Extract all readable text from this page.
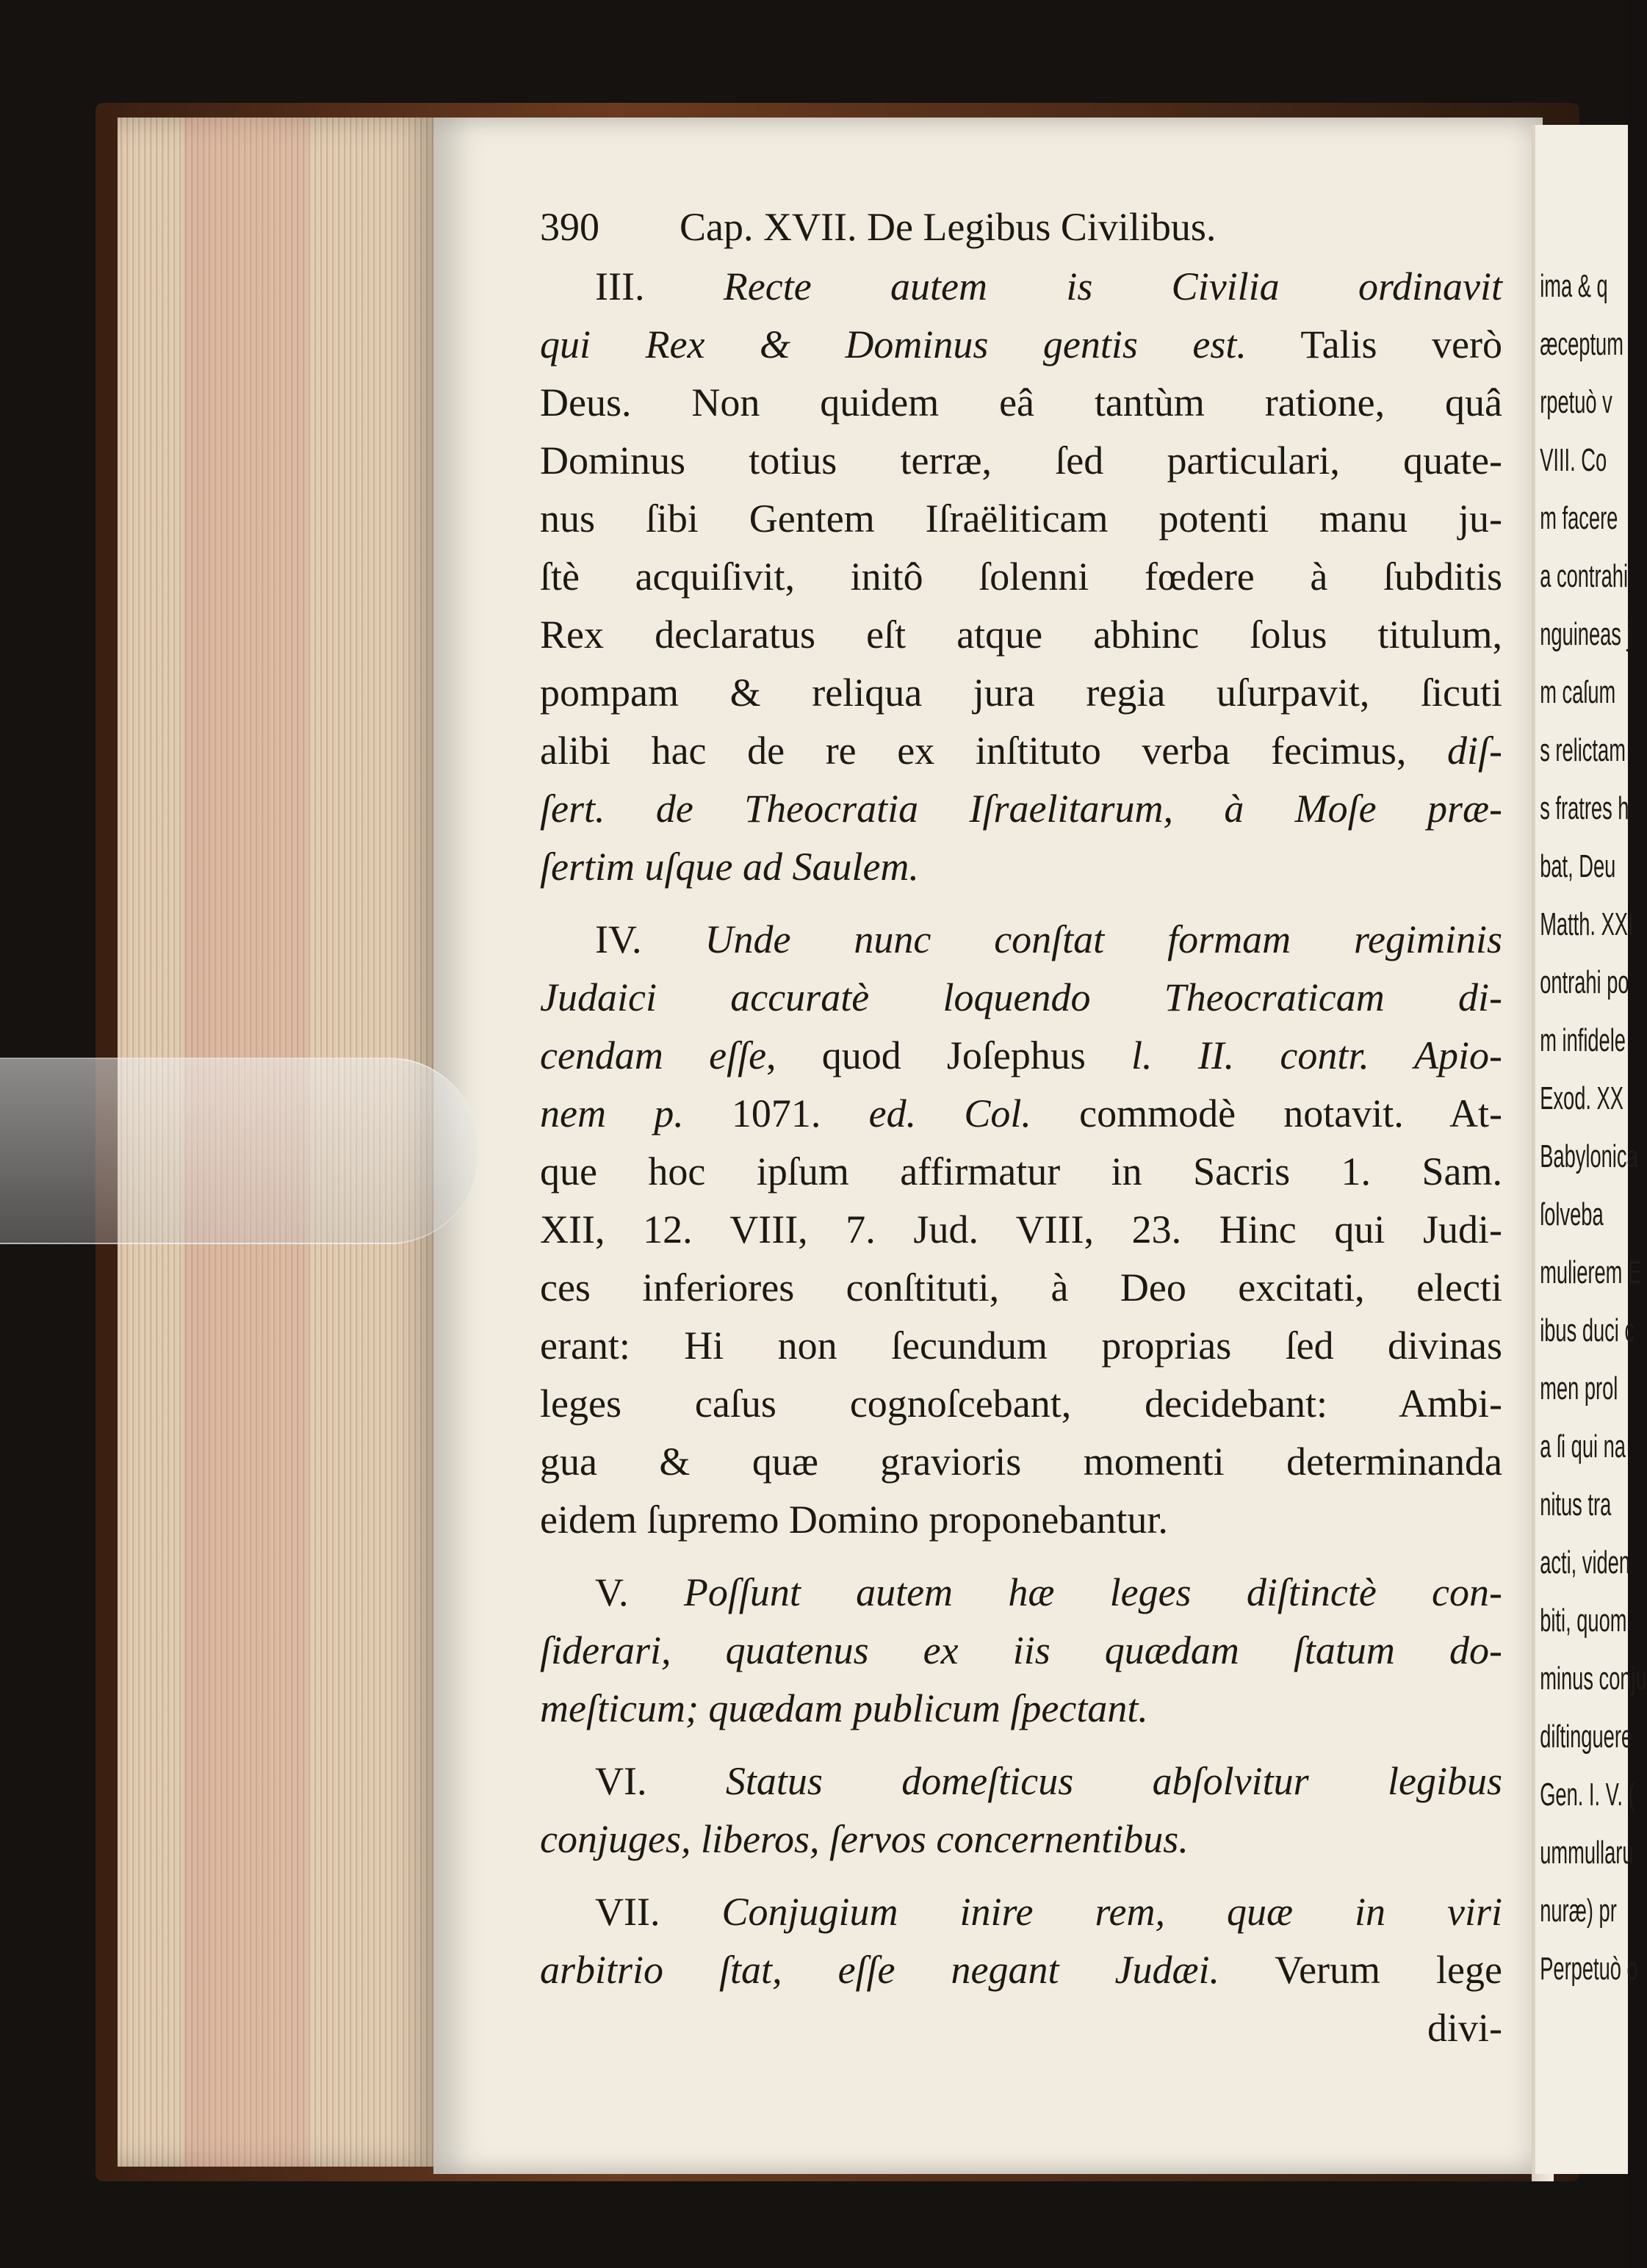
ima & q
æceptum
rpetuò v
VIII. Co
m facere
a contrahi
nguineas j
m caſum
s relictam
s fratres h
bat, Deu
Matth. XXI
ontrahi po
m infidele
Exod. XX
Babylonica
ſolveba
mulierem E
ibus duci c
men prol
a ſi qui na
nitus tra
acti, viden
biti, quom
minus conju
diſtinguere
Gen. I. V. (
ummullaru
nuræ) pr
Perpetuò o
390	Cap. XVII. De Legibus Civilibus.
III. Recte autem is Civilia ordinavit
qui Rex & Dominus gentis est. Talis verò
Deus. Non quidem eâ tantùm ratione, quâ
Dominus totius terræ, ſed particulari, quate-
nus ſibi Gentem Iſraëliticam potenti manu ju-
ſtè acquiſivit, initô ſolenni fœdere à ſubditis
Rex declaratus eſt atque abhinc ſolus titulum,
pompam & reliqua jura regia uſurpavit, ſicuti
alibi hac de re ex inſtituto verba fecimus, diſ-
ſert. de Theocratia Iſraelitarum, à Moſe præ-
ſertim uſque ad Saulem.
IV. Unde nunc conſtat formam regiminis
Judaici accuratè loquendo Theocraticam di-
cendam eſſe, quod Joſephus l. II. contr. Apio-
nem p. 1071. ed. Col. commodè notavit. At-
que hoc ipſum affirmatur in Sacris 1. Sam.
XII, 12. VIII, 7. Jud. VIII, 23. Hinc qui Judi-
ces inferiores conſtituti, à Deo excitati, electi
erant: Hi non ſecundum proprias ſed divinas
leges caſus cognoſcebant, decidebant: Ambi-
gua & quæ gravioris momenti determinanda
eidem ſupremo Domino proponebantur.
V. Poſſunt autem hæ leges diſtinctè con-
ſiderari, quatenus ex iis quædam ſtatum do-
meſticum; quædam publicum ſpectant.
VI. Status domeſticus abſolvitur legibus
conjuges, liberos, ſervos concernentibus.
VII. Conjugium inire rem, quæ in viri
arbitrio ſtat, eſſe negant Judæi. Verum lege
divi-
